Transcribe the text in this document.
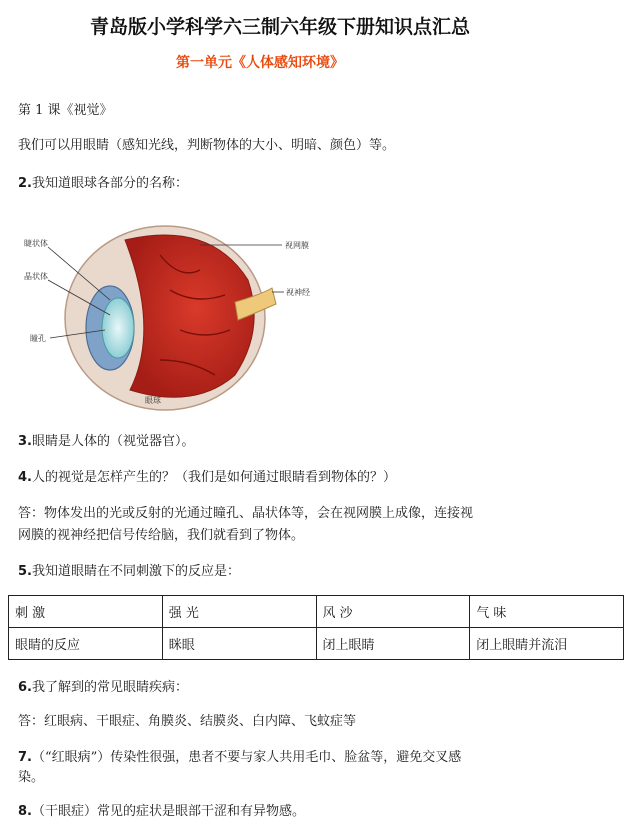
青岛版小学科学六三制六年级下册知识点汇总
第一单元《人体感知环境》
第 1 课《视觉》
我们可以用眼睛（感知光线，判断物体的大小、明暗、颜色）等。
2.我知道眼球各部分的名称：
睫状体
晶状体
瞳孔
视网膜
视神经
眼球
3.眼睛是人体的（视觉器官）。
4.人的视觉是怎样产生的？（我们是如何通过眼睛看到物体的？）
答：物体发出的光或反射的光通过瞳孔、晶状体等，会在视网膜上成像，连接视
网膜的视神经把信号传给脑，我们就看到了物体。
5.我知道眼睛在不同刺激下的反应是：
刺 激	强 光	风 沙	气 味
眼睛的反应	眯眼	闭上眼睛	闭上眼睛并流泪
6.我了解到的常见眼睛疾病：
答：红眼病、干眼症、角膜炎、结膜炎、白内障、飞蚊症等
7.（“红眼病”）传染性很强，患者不要与家人共用毛巾、脸盆等，避免交叉感
染。
8.（干眼症）常见的症状是眼部干涩和有异物感。
